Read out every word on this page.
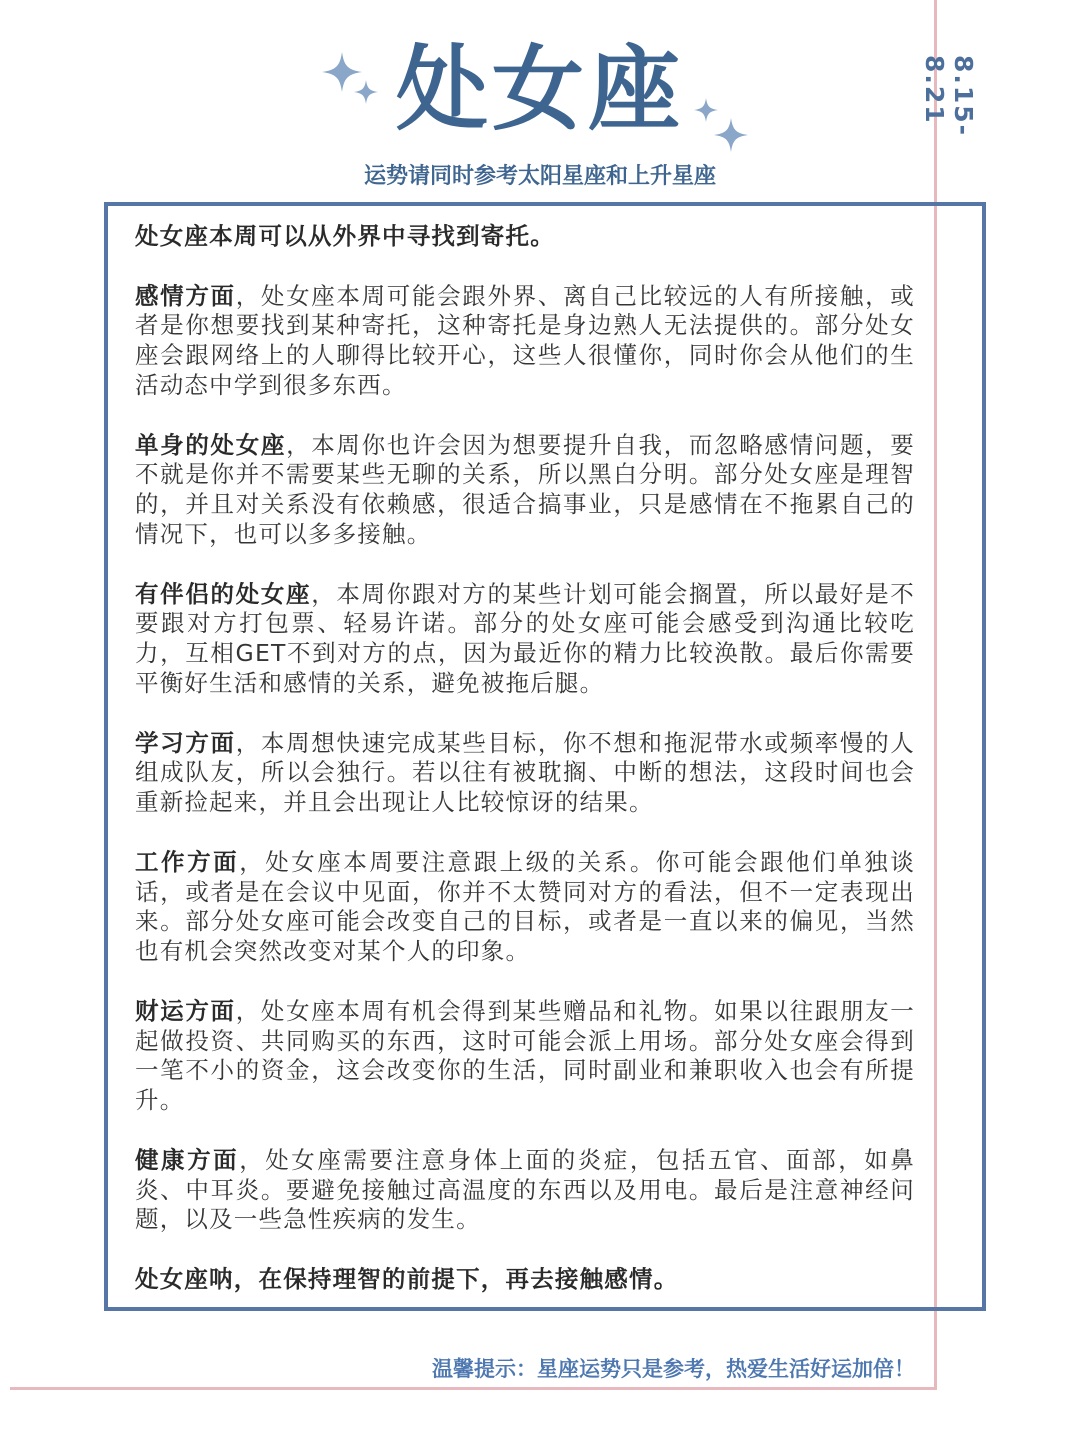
8.15-8.21
处女座
运势请同时参考太阳星座和上升星座

处女座本周可以从外界中寻找到寄托。

感情方面，处女座本周可能会跟外界、离自己比较远的人有所接触，或者是你想要找到某种寄托，这种寄托是身边熟人无法提供的。部分处女座会跟网络上的人聊得比较开心，这些人很懂你，同时你会从他们的生活动态中学到很多东西。

单身的处女座，本周你也许会因为想要提升自我，而忽略感情问题，要不就是你并不需要某些无聊的关系，所以黑白分明。部分处女座是理智的，并且对关系没有依赖感，很适合搞事业，只是感情在不拖累自己的情况下，也可以多多接触。

有伴侣的处女座，本周你跟对方的某些计划可能会搁置，所以最好是不要跟对方打包票、轻易许诺。部分的处女座可能会感受到沟通比较吃力，互相GET不到对方的点，因为最近你的精力比较涣散。最后你需要平衡好生活和感情的关系，避免被拖后腿。

学习方面，本周想快速完成某些目标，你不想和拖泥带水或频率慢的人组成队友，所以会独行。若以往有被耽搁、中断的想法，这段时间也会重新捡起来，并且会出现让人比较惊讶的结果。

工作方面，处女座本周要注意跟上级的关系。你可能会跟他们单独谈话，或者是在会议中见面，你并不太赞同对方的看法，但不一定表现出来。部分处女座可能会改变自己的目标，或者是一直以来的偏见，当然也有机会突然改变对某个人的印象。

财运方面，处女座本周有机会得到某些赠品和礼物。如果以往跟朋友一起做投资、共同购买的东西，这时可能会派上用场。部分处女座会得到一笔不小的资金，这会改变你的生活，同时副业和兼职收入也会有所提升。

健康方面，处女座需要注意身体上面的炎症，包括五官、面部，如鼻炎、中耳炎。要避免接触过高温度的东西以及用电。最后是注意神经问题，以及一些急性疾病的发生。

处女座呐，在保持理智的前提下，再去接触感情。

温馨提示：星座运势只是参考，热爱生活好运加倍！
